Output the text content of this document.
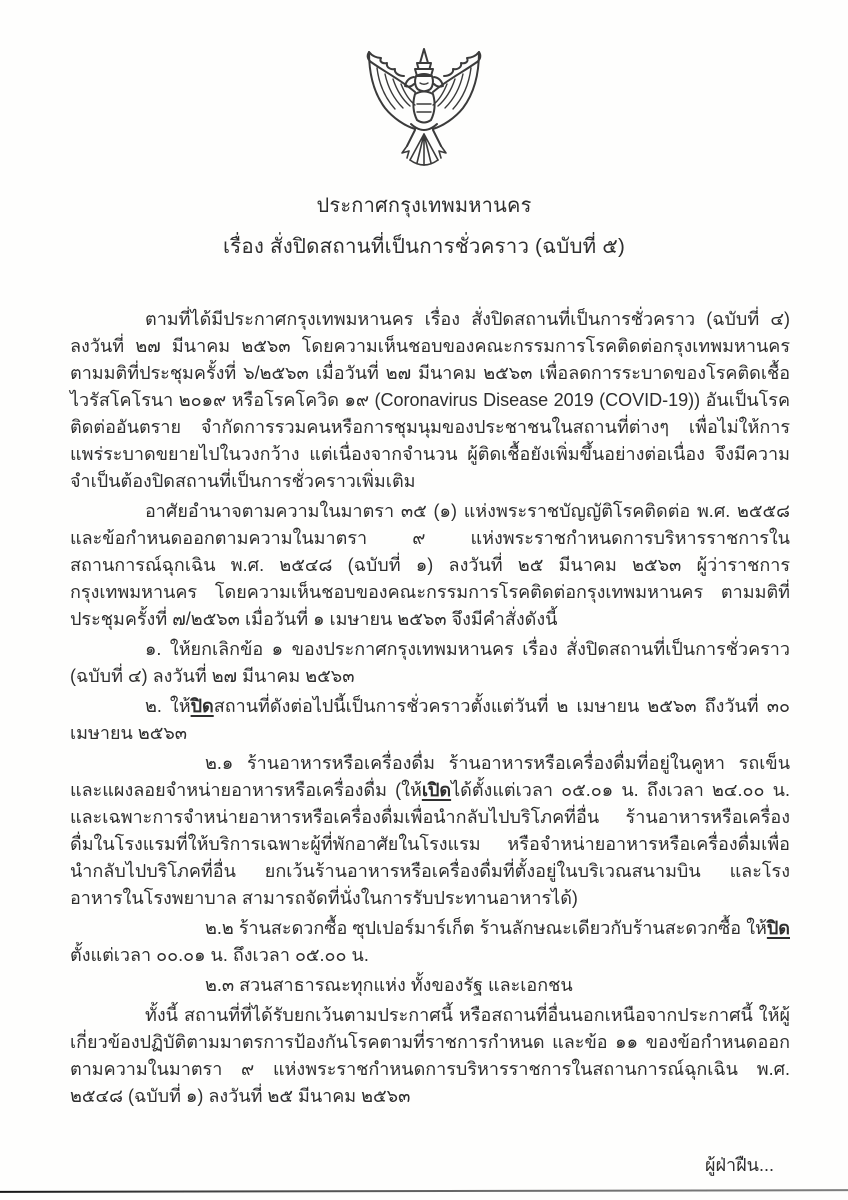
ประกาศกรุงเทพมหานคร
เรื่อง สั่งปิดสถานที่เป็นการชั่วคราว (ฉบับที่ ๕)

ตามที่ได้มีประกาศกรุงเทพมหานคร เรื่อง สั่งปิดสถานที่เป็นการชั่วคราว (ฉบับที่ ๔) ลงวันที่ ๒๗ มีนาคม ๒๕๖๓ โดยความเห็นชอบของคณะกรรมการโรคติดต่อกรุงเทพมหานคร ตามมติที่ประชุมครั้งที่ ๖/๒๕๖๓ เมื่อวันที่ ๒๗ มีนาคม ๒๕๖๓ เพื่อลดการระบาดของโรคติดเชื้อไวรัสโคโรนา ๒๐๑๙ หรือโรคโควิด ๑๙ (Coronavirus Disease 2019 (COVID-19)) อันเป็นโรคติดต่ออันตราย จำกัดการรวมคนหรือการชุมนุมของประชาชนในสถานที่ต่างๆ เพื่อไม่ให้การแพร่ระบาดขยายไปในวงกว้าง แต่เนื่องจากจำนวน ผู้ติดเชื้อยังเพิ่มขึ้นอย่างต่อเนื่อง จึงมีความจำเป็นต้องปิดสถานที่เป็นการชั่วคราวเพิ่มเติม

อาศัยอำนาจตามความในมาตรา ๓๕ (๑) แห่งพระราชบัญญัติโรคติดต่อ พ.ศ. ๒๕๕๘ และข้อกำหนดออกตามความในมาตรา ๙ แห่งพระราชกำหนดการบริหารราชการในสถานการณ์ฉุกเฉิน พ.ศ. ๒๕๔๘ (ฉบับที่ ๑) ลงวันที่ ๒๕ มีนาคม ๒๕๖๓ ผู้ว่าราชการกรุงเทพมหานคร โดยความเห็นชอบของคณะกรรมการโรคติดต่อกรุงเทพมหานคร ตามมติที่ประชุมครั้งที่ ๗/๒๕๖๓ เมื่อวันที่ ๑ เมษายน ๒๕๖๓ จึงมีคำสั่งดังนี้

๑. ให้ยกเลิกข้อ ๑ ของประกาศกรุงเทพมหานคร เรื่อง สั่งปิดสถานที่เป็นการชั่วคราว (ฉบับที่ ๔) ลงวันที่ ๒๗ มีนาคม ๒๕๖๓

๒. ให้ปิดสถานที่ดังต่อไปนี้เป็นการชั่วคราวตั้งแต่วันที่ ๒ เมษายน ๒๕๖๓ ถึงวันที่ ๓๐ เมษายน ๒๕๖๓

๒.๑ ร้านอาหารหรือเครื่องดื่ม ร้านอาหารหรือเครื่องดื่มที่อยู่ในคูหา รถเข็นและแผงลอยจำหน่ายอาหารหรือเครื่องดื่ม (ให้เปิดได้ตั้งแต่เวลา ๐๕.๐๑ น. ถึงเวลา ๒๔.๐๐ น. และเฉพาะการจำหน่ายอาหารหรือเครื่องดื่มเพื่อนำกลับไปบริโภคที่อื่น ร้านอาหารหรือเครื่องดื่มในโรงแรมที่ให้บริการเฉพาะผู้ที่พักอาศัยในโรงแรม หรือจำหน่ายอาหารหรือเครื่องดื่มเพื่อนำกลับไปบริโภคที่อื่น ยกเว้นร้านอาหารหรือเครื่องดื่มที่ตั้งอยู่ในบริเวณสนามบิน และโรงอาหารในโรงพยาบาล สามารถจัดที่นั่งในการรับประทานอาหารได้)

๒.๒ ร้านสะดวกซื้อ ซุปเปอร์มาร์เก็ต ร้านลักษณะเดียวกับร้านสะดวกซื้อ ให้ปิดตั้งแต่เวลา ๐๐.๐๑ น. ถึงเวลา ๐๕.๐๐ น.

๒.๓ สวนสาธารณะทุกแห่ง ทั้งของรัฐ และเอกชน

ทั้งนี้ สถานที่ที่ได้รับยกเว้นตามประกาศนี้ หรือสถานที่อื่นนอกเหนือจากประกาศนี้ ให้ผู้เกี่ยวข้องปฏิบัติตามมาตรการป้องกันโรคตามที่ราชการกำหนด และข้อ ๑๑ ของข้อกำหนดออกตามความในมาตรา ๙ แห่งพระราชกำหนดการบริหารราชการในสถานการณ์ฉุกเฉิน พ.ศ. ๒๕๔๘ (ฉบับที่ ๑) ลงวันที่ ๒๕ มีนาคม ๒๕๖๓

ผู้ฝ่าฝืน...
